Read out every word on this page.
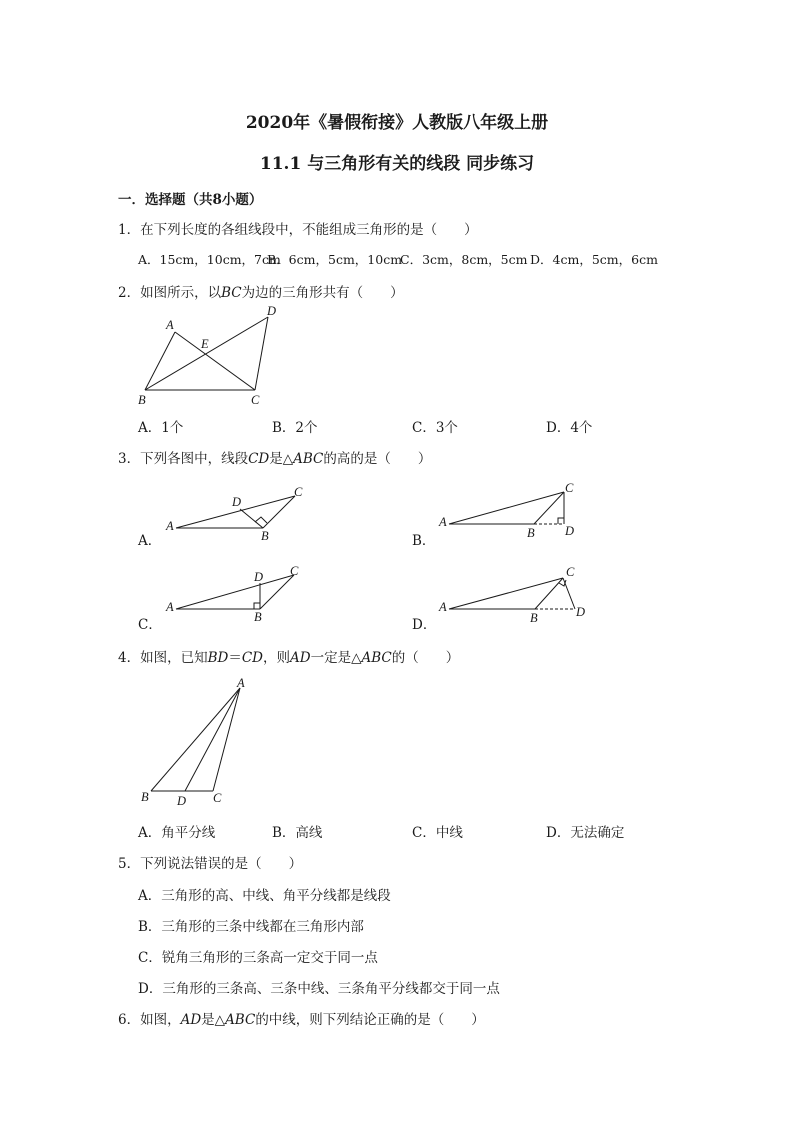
2020年《暑假衔接》人教版八年级上册
11.1 与三角形有关的线段 同步练习
一．选择题（共8小题）
1．在下列长度的各组线段中，不能组成三角形的是（　　）
A．15cm，10cm，7cm
B．6cm，5cm，10cm
C．3cm，8cm，5cm D．4cm，5cm，6cm
2．如图所示，以BC为边的三角形共有（　　）
A
D
E
B	C
A．1个	B．2个	C．3个	D．4个
3．下列各图中，线段CD是△ABC的高的是（　　）
A．
A
B
C
D
B．
A
B
C
D
C．
A
B
C
D
D．
A
B
C
D
4．如图，已知BD＝CD，则AD一定是△ABC的（　　）
A
B D C
A．角平分线	B．高线	C．中线	D．无法确定
5．下列说法错误的是（　　）
A．三角形的高、中线、角平分线都是线段
B．三角形的三条中线都在三角形内部
C．锐角三角形的三条高一定交于同一点
D．三角形的三条高、三条中线、三条角平分线都交于同一点
6．如图，AD是△ABC的中线，则下列结论正确的是（　　）
